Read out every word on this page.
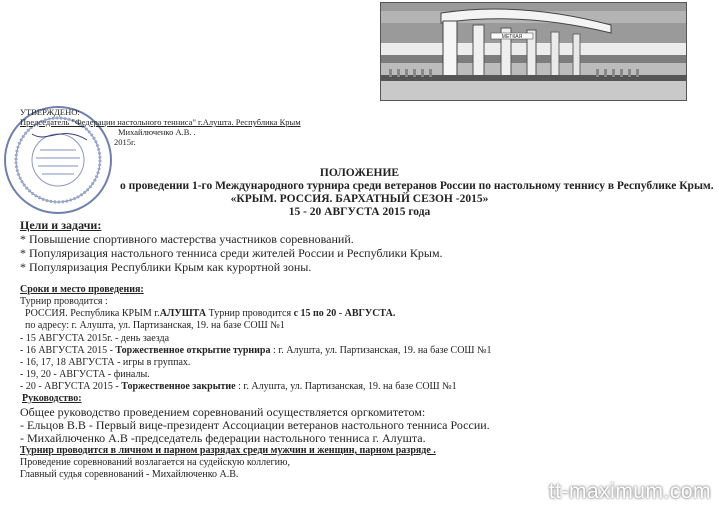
МЕТКАЯ
УТВЕРЖДЕНО:
Председатель "Федерации настольного тенниса" г.Алушта. Республика Крым
Михайлюченко А.В. .
2015г.
ПОЛОЖЕНИЕ
о проведении 1-го Международного турнира среди ветеранов России по настольному теннису в Республике Крым.
«КРЫМ. РОССИЯ. БАРХАТНЫЙ СЕЗОН -2015»
15 - 20 АВГУСТА 2015 года
Цели и задачи:
* Повышение спортивного мастерства участников соревнований.
* Популяризация настольного тенниса среди жителей России и Республики Крым.
* Популяризация Республики Крым как курортной зоны.
Сроки и место проведения:
Турнир проводится :
РОССИЯ. Республика КРЫМ г.АЛУШТА Турнир проводится с 15 по 20 - АВГУСТА.
по адресу: г. Алушта, ул. Партизанская, 19. на базе СОШ №1
- 15 АВГУСТА 2015г. - день заезда
- 16 АВГУСТА 2015 - Торжественное открытие турнира : г. Алушта, ул. Партизанская, 19. на базе СОШ №1
- 16, 17, 18 АВГУСТА - игры в группах.
- 19, 20 - АВГУСТА - финалы.
- 20 - АВГУСТА 2015 - Торжественное закрытие : г. Алушта, ул. Партизанская, 19. на базе СОШ №1
Руководство:
Общее руководство проведением соревнований осуществляется оргкомитетом:
- Ельцов В.В - Первый вице-президент Ассоциации ветеранов настольного тенниса России.
- Михайлюченко А.В -председатель федерации настольного тенниса г. Алушта.
Турнир проводится в личном и парном разрядах среди мужчин и женщин, парном разряде .
Проведение соревнований возлагается на судейскую коллегию,
Главный судья соревнований - Михайлюченко А.В.
tt-maximum.com
